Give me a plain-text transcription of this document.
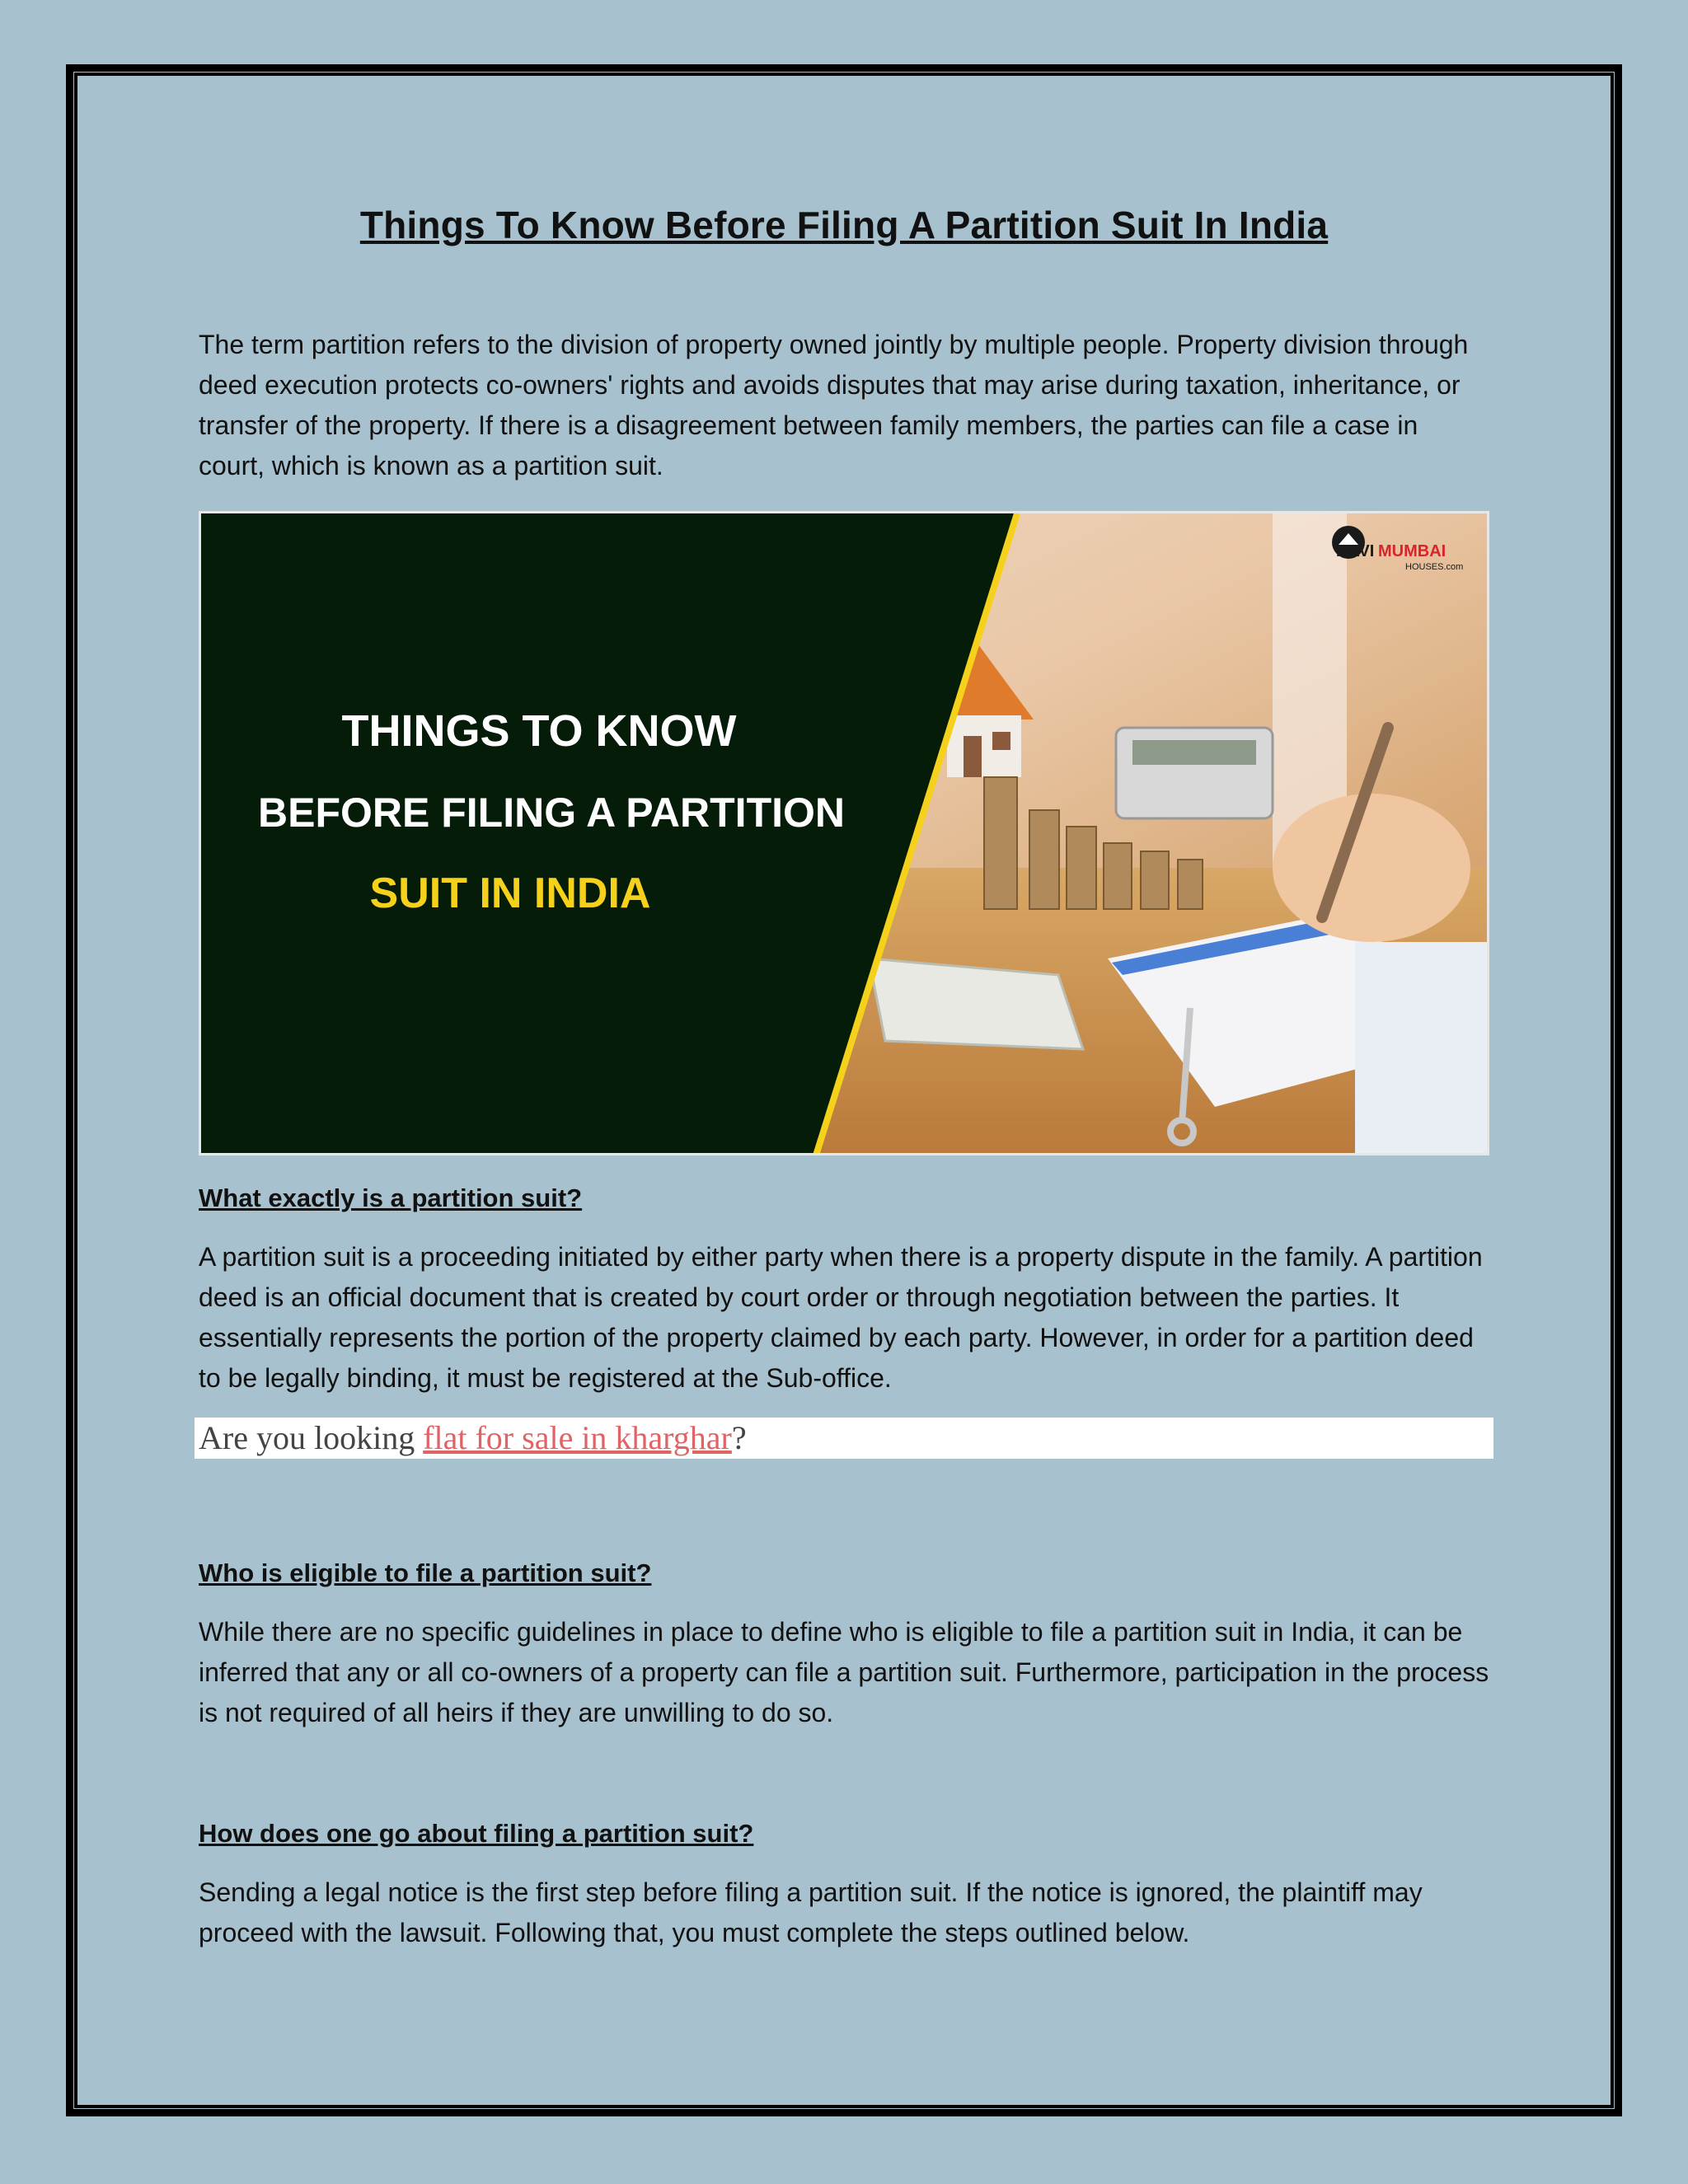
Things To Know Before Filing A Partition Suit In India

The term partition refers to the division of property owned jointly by multiple people. Property division through deed execution protects co-owners' rights and avoids disputes that may arise during taxation, inheritance, or transfer of the property. If there is a disagreement between family members, the parties can file a case in court, which is known as a partition suit.

THINGS TO KNOW
BEFORE FILING A PARTITION
SUIT IN INDIA
NAVI MUMBAI
HOUSES.com
What exactly is a partition suit?

A partition suit is a proceeding initiated by either party when there is a property dispute in the family. A partition deed is an official document that is created by court order or through negotiation between the parties. It essentially represents the portion of the property claimed by each party. However, in order for a partition deed to be legally binding, it must be registered at the Sub-office.

Are you looking flat for sale in kharghar?
Who is eligible to file a partition suit?

While there are no specific guidelines in place to define who is eligible to file a partition suit in India, it can be inferred that any or all co-owners of a property can file a partition suit. Furthermore, participation in the process is not required of all heirs if they are unwilling to do so.

How does one go about filing a partition suit?

Sending a legal notice is the first step before filing a partition suit. If the notice is ignored, the plaintiff may proceed with the lawsuit. Following that, you must complete the steps outlined below.
